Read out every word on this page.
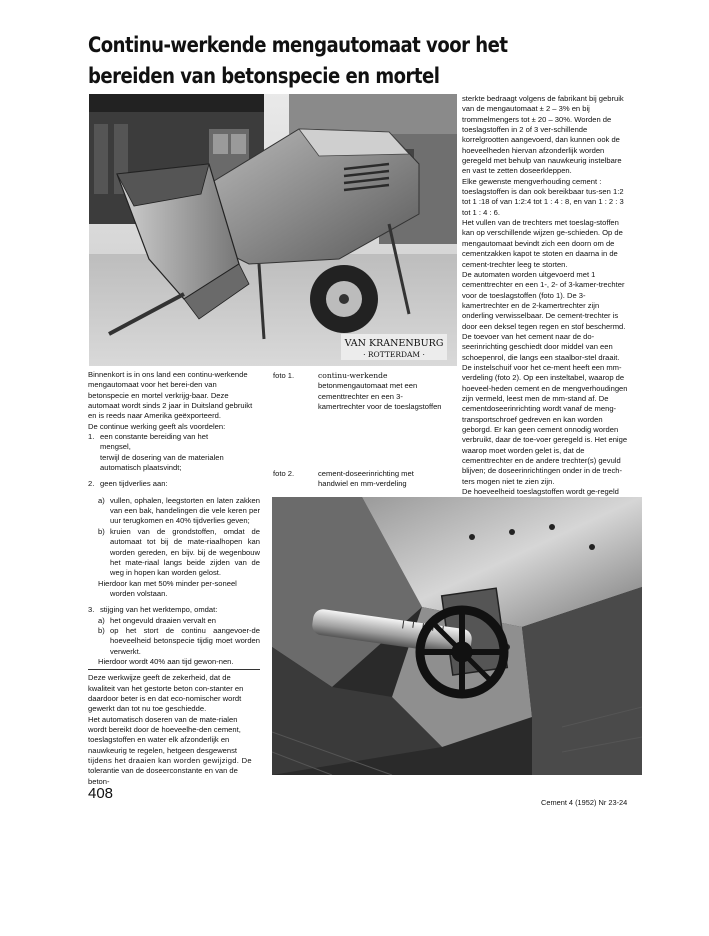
Continu-werkende mengautomaat voor het
bereiden van betonspecie en mortel
VAN KRANENBURG
· ROTTERDAM ·
foto 1.	continu-werkende
betonmengautomaat met een
cementtrechter en een 3-
kamertrechter voor de toeslagstoffen
foto 2.	cement-doseerinrichting met
handwiel en mm-verdeling

Binnenkort is in ons land een continu-werkende

mengautomaat voor het berei-den van

betonspecie en mortel verkrijg-baar. Deze

automaat wordt sinds 2 jaar in Duitsland gebruikt

en is reeds naar Amerika geëxporteerd.

De continue werking geeft als voordelen:

1. een constante bereiding van het
mengsel,
terwijl de dosering van de materialen
automatisch plaatsvindt;
2. geen tijdverlies aan:
a) vullen, ophalen, leegstorten en laten zakken van een bak, handelingen die vele keren per uur terugkomen en 40% tijdverlies geven;
b) kruien van de grondstoffen, omdat de automaat tot bij de mate-riaalhopen kan worden gereden, en bijv. bij de wegenbouw het mate-riaal langs beide zijden van de weg in hopen kan worden gelost.
Hierdoor kan met 50% minder per-soneel worden volstaan.
3. stijging van het werktempo, omdat:
a) het ongevuld draaien vervalt en
b) op het stort de continu aangevoer-de hoeveelheid betonspecie tijdig moet worden verwerkt.
Hierdoor wordt 40% aan tijd gewon-nen.

Deze werkwijze geeft de zekerheid, dat de

kwaliteit van het gestorte beton con-stanter en

daardoor beter is en dat eco-nomischer wordt

gewerkt dan tot nu toe geschiedde.

Het automatisch doseren van de mate-rialen

wordt bereikt door de hoeveelhe-den cement,

toeslagstoffen en water elk afzonderlijk en

nauwkeurig te regelen, hetgeen desgewenst

tijdens het draaien kan worden gewijzigd. De

tolerantie van de doseerconstante en van de

beton-

sterkte bedraagt volgens de fabrikant bij gebruik

van de mengautomaat ± 2 – 3% en bij

trommelmengers tot ± 20 – 30%. Worden de

toeslagstoffen in 2 of 3 ver-schillende

korrelgrootten aangevoerd, dan kunnen ook de

hoeveelheden hiervan afzonderlijk worden

geregeld met behulp van nauwkeurig instelbare

en vast te zetten doseerkleppen.

Elke gewenste mengverhouding cement :

toeslagstoffen is dan ook bereikbaar tus-sen 1:2

tot 1 :18 of van 1:2:4 tot 1 : 4 : 8, en van 1 : 2 : 3

tot 1 : 4 : 6.

Het vullen van de trechters met toeslag-stoffen

kan op verschillende wijzen ge-schieden. Op de

mengautomaat bevindt zich een doorn om de

cementzakken kapot te stoten en daarna in de

cement-trechter leeg te storten.

De automaten worden uitgevoerd met 1

cementtrechter en een 1-, 2- of 3-kamer-trechter

voor de toeslagstoffen (foto 1). De 3-

kamertrechter en de 2-kamertrechter zijn

onderling verwisselbaar. De cement-trechter is

door een deksel tegen regen en stof beschermd.

De toevoer van het cement naar de do-

seerinrichting geschiedt door middel van een

schoepenrol, die langs een staalbor-stel draait.

De instelschuif voor het ce-ment heeft een mm-

verdeling (foto 2). Op een insteltabel, waarop de

hoeveel-heden cement en de mengverhoudingen

zijn vermeld, leest men de mm-stand af. De

cementdoseerinrichting wordt vanaf de meng-

transportschroef gedreven en kan worden

geborgd. Er kan geen cement onnodig worden

verbruikt, daar de toe-voer geregeld is. Het enige

waarop moet worden gelet is, dat de

cementtrechter en de andere trechter(s) gevuld

blijven; de doseerinrichtingen onder in de trech-

ters mogen niet te zien zijn.

De hoeveelheid toeslagstoffen wordt ge-regeld

408
Cement 4 (1952) Nr 23-24
